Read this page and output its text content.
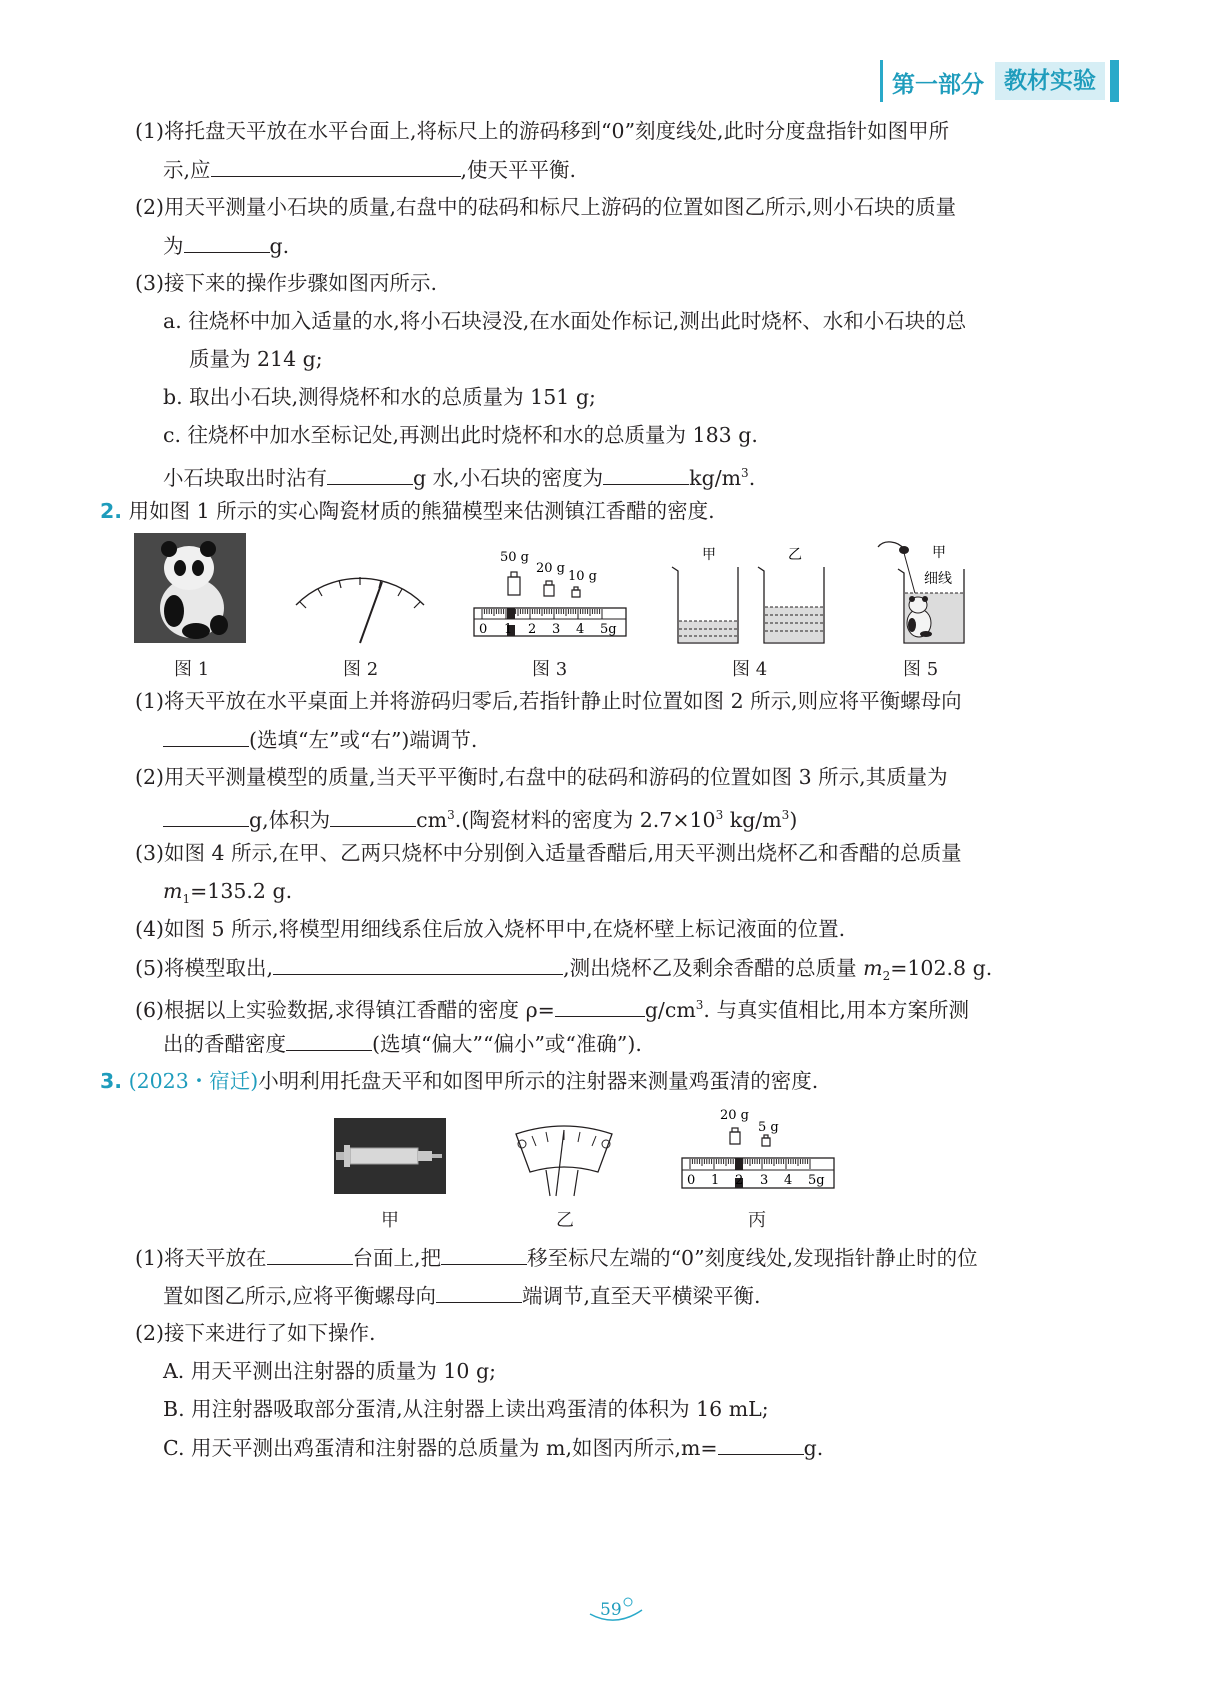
第一部分 教材实验
(1)将托盘天平放在水平台面上,将标尺上的游码移到“0”刻度线处,此时分度盘指针如图甲所
示,应	,使天平平衡.
(2)用天平测量小石块的质量,右盘中的砝码和标尺上游码的位置如图乙所示,则小石块的质量
为	g.
(3)接下来的操作步骤如图丙所示.
a. 往烧杯中加入适量的水,将小石块浸没,在水面处作标记,测出此时烧杯、水和小石块的总
质量为 214 g;
b. 取出小石块,测得烧杯和水的总质量为 151 g;
c. 往烧杯中加水至标记处,再测出此时烧杯和水的总质量为 183 g.
小石块取出时沾有	g 水,小石块的密度为	$kg/m^3$.
2. 用如图 1 所示的实心陶瓷材质的熊猫模型来估测镇江香醋的密度.
50 g
20 g
10 g
0 1 2 3 4 5g
甲	乙	甲
细线
图 1	图 2	图 3	图 4	图 5
(1)将天平放在水平桌面上并将游码归零后,若指针静止时位置如图 2 所示,则应将平衡螺母向
(选填“左”或“右”)端调节.
(2)用天平测量模型的质量,当天平平衡时,右盘中的砝码和游码的位置如图 3 所示,其质量为
g,体积为	$cm^3$.(陶瓷材料的密度为 $2.7\times 10^3$ $kg/m^3$)
(3)如图 4 所示,在甲、乙两只烧杯中分别倒入适量香醋后,用天平测出烧杯乙和香醋的总质量
$m_1=135.2$ g.
(4)如图 5 所示,将模型用细线系住后放入烧杯甲中,在烧杯壁上标记液面的位置.
(5)将模型取出,	,测出烧杯乙及剩余香醋的总质量 $m_2=102.8$ g.
(6)根据以上实验数据,求得镇江香醋的密度 ρ=	$g/cm^3$. 与真实值相比,用本方案所测
出的香醋密度	(选填“偏大”“偏小”或“准确”).
3. (2023・宿迁)小明利用托盘天平和如图甲所示的注射器来测量鸡蛋清的密度.
20 g
5 g
0 1 2 3 4 5g
甲	乙	丙
(1)将天平放在	台面上,把	移至标尺左端的“0”刻度线处,发现指针静止时的位
置如图乙所示,应将平衡螺母向	端调节,直至天平横梁平衡.
(2)接下来进行了如下操作.
A. 用天平测出注射器的质量为 10 g;
B. 用注射器吸取部分蛋清,从注射器上读出鸡蛋清的体积为 16 mL;
C. 用天平测出鸡蛋清和注射器的总质量为 m,如图丙所示,m=	g.
59
